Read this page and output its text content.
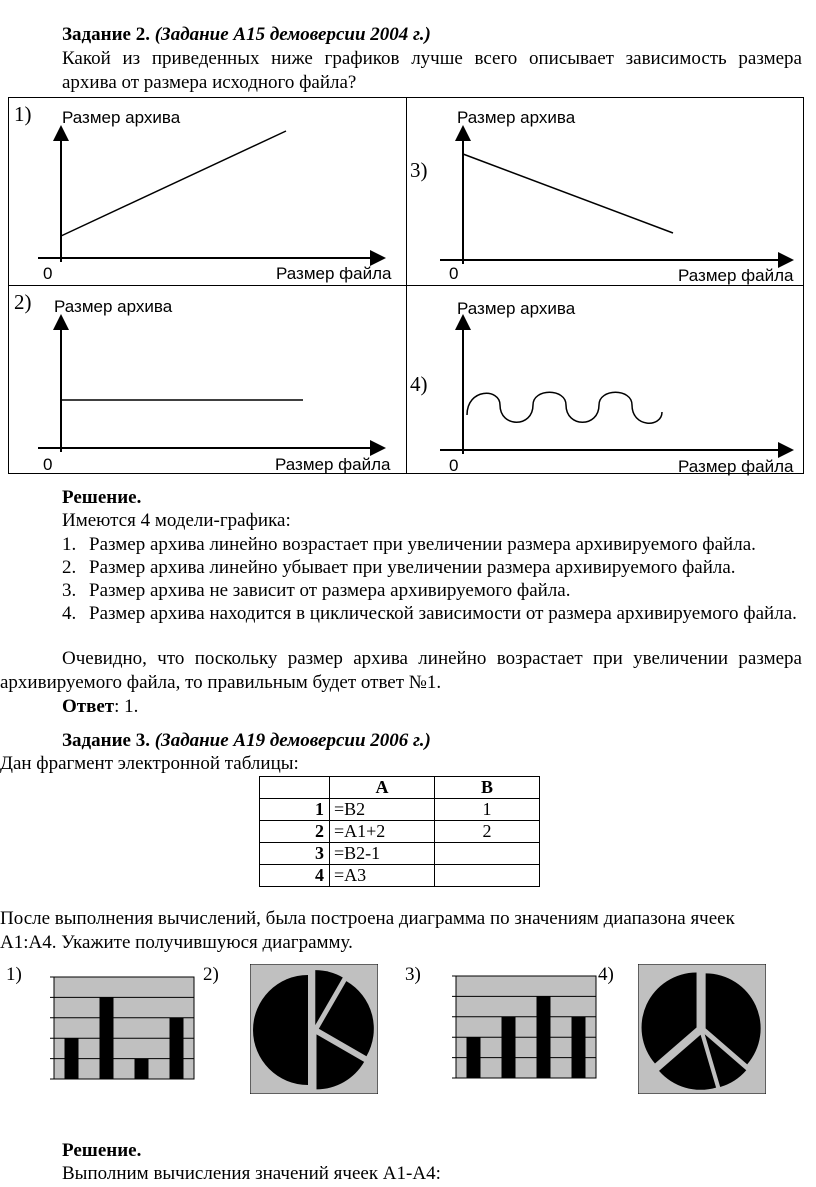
Задание 2. (Задание А15 демоверсии 2004 г.)
Какой из приведенных ниже графиков лучше всего описывает зависимость размера
архива от размера исходного файла?
1) Размер архива
0	Размер файла
3)
Размер архива
0	Размер файла
2) Размер архива
0	Размер файла
4)
Размер архива
0	Размер файла
Решение.
Имеются 4 модели-графика:
1. Размер архива линейно возрастает при увеличении размера архивируемого файла.
2. Размер архива линейно убывает при увеличении размера архивируемого файла.
3. Размер архива не зависит от размера архивируемого файла.
4. Размер архива находится в циклической зависимости от размера архивируемого файла.
Очевидно, что поскольку размер архива линейно возрастает при увеличении размера
архивируемого файла, то правильным будет ответ №1.
Ответ: 1.
Задание 3. (Задание А19 демоверсии 2006 г.)
Дан фрагмент электронной таблицы:
	A	B
1	=B2	1
2	=A1+2	2
3	=B2-1	
4	=A3	
После выполнения вычислений, была построена диаграмма по значениям диапазона ячеек
A1:A4. Укажите получившуюся диаграмму.
1)	2)	3)	4)
Решение.
Выполним вычисления значений ячеек A1-A4:
